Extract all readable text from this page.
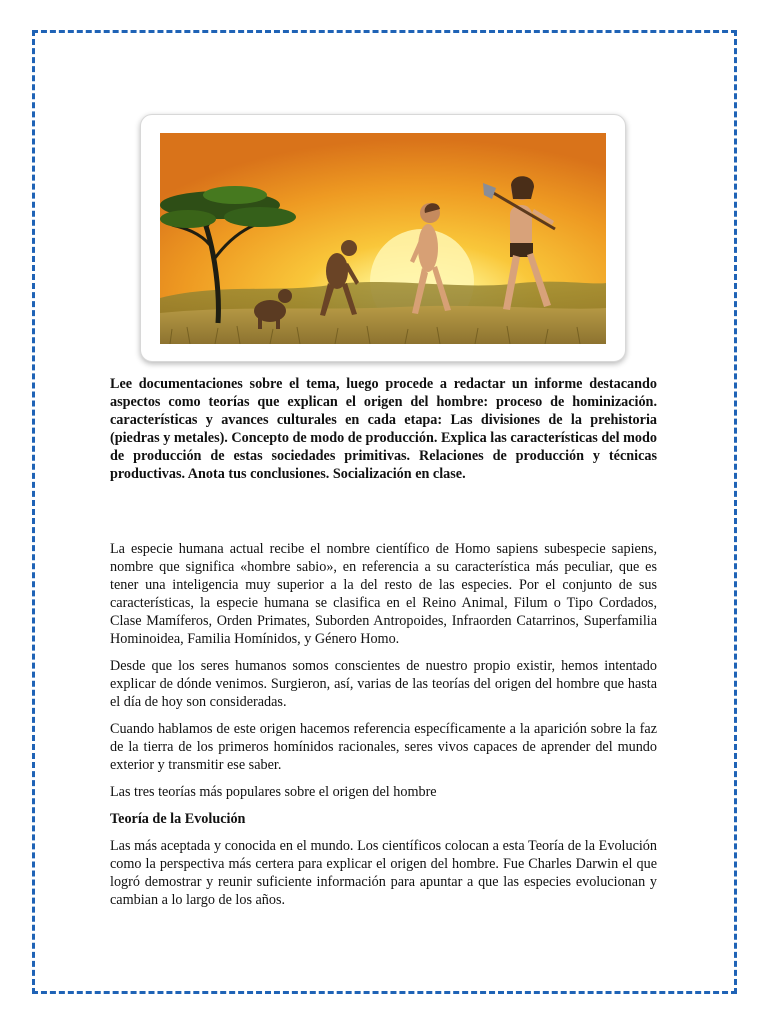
Lee documentaciones sobre el tema, luego procede a redactar un informe destacando aspectos como teorías que explican el origen del hombre: proceso de hominización. características y avances culturales en cada etapa: Las divisiones de la prehistoria (piedras y metales). Concepto de modo de producción. Explica las características del modo de producción de estas sociedades primitivas. Relaciones de producción y técnicas productivas. Anota tus conclusiones. Socialización en clase.

La especie humana actual recibe el nombre científico de Homo sapiens subespecie sapiens, nombre que significa «hombre sabio», en referencia a su característica más peculiar, que es tener una inteligencia muy superior a la del resto de las especies. Por el conjunto de sus características, la especie humana se clasifica en el Reino Animal, Filum o Tipo Cordados, Clase Mamíferos, Orden Primates, Suborden Antropoides, Infraorden Catarrinos, Superfamilia Hominoidea, Familia Homínidos, y Género Homo.

Desde que los seres humanos somos conscientes de nuestro propio existir, hemos intentado explicar de dónde venimos. Surgieron, así, varias de las teorías del origen del hombre que hasta el día de hoy son consideradas.

Cuando hablamos de este origen hacemos referencia específicamente a la aparición sobre la faz de la tierra de los primeros homínidos racionales, seres vivos capaces de aprender del mundo exterior y transmitir ese saber.

Las tres teorías más populares sobre el origen del hombre

Teoría de la Evolución

Las más aceptada y conocida en el mundo. Los científicos colocan a esta Teoría de la Evolución como la perspectiva más certera para explicar el origen del hombre. Fue Charles Darwin el que logró demostrar y reunir suficiente información para apuntar a que las especies evolucionan y cambian a lo largo de los años.
